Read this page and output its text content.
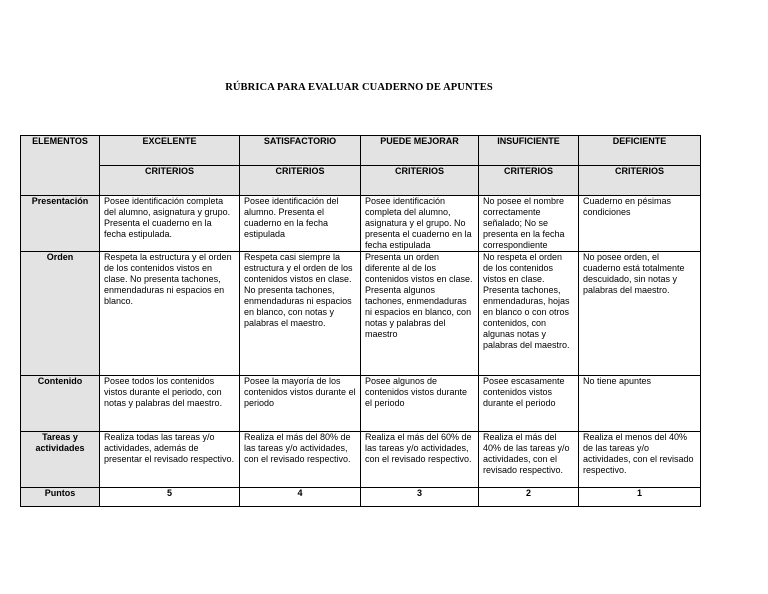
RÚBRICA PARA EVALUAR CUADERNO DE APUNTES
ELEMENTOS	EXCELENTE	SATISFACTORIO	PUEDE MEJORAR	INSUFICIENTE	DEFICIENTE
	CRITERIOS	CRITERIOS	CRITERIOS	CRITERIOS	CRITERIOS
Presentación	Posee identificación completa del alumno, asignatura y grupo. Presenta el cuaderno en la fecha estipulada.	Posee identificación del alumno. Presenta el cuaderno en la fecha estipulada	Posee identificación completa del alumno, asignatura y el grupo. No presenta el cuaderno en la fecha estipulada	No posee el nombre correctamente señalado; No se presenta en la fecha correspondiente	Cuaderno en pésimas condiciones
Orden	Respeta la estructura y el orden de los contenidos vistos en clase. No presenta tachones, enmendaduras ni espacios en blanco.	Respeta casi siempre la estructura y el orden de los contenidos vistos en clase. No presenta tachones, enmendaduras ni espacios en blanco, con notas y palabras el maestro.	Presenta un orden diferente al de los contenidos vistos en clase. Presenta algunos tachones, enmendaduras ni espacios en blanco, con notas y palabras del maestro	No respeta el orden de los contenidos vistos en clase. Presenta tachones, enmendaduras, hojas en blanco o con otros contenidos, con algunas notas y palabras del maestro.	No posee orden, el cuaderno está totalmente descuidado, sin notas y palabras del maestro.
Contenido	Posee todos los contenidos vistos durante el periodo, con notas y palabras del maestro.	Posee la mayoría de los contenidos vistos durante el periodo	Posee algunos de contenidos vistos durante el periodo	Posee escasamente contenidos vistos durante el periodo	No tiene apuntes
Tareas y actividades	Realiza todas las tareas y/o actividades, además de presentar el revisado respectivo.	Realiza el más del 80% de las tareas y/o actividades, con el revisado respectivo.	Realiza el más del 60% de las tareas y/o actividades, con el revisado respectivo.	Realiza el más del 40% de las tareas y/o actividades, con el revisado respectivo.	Realiza el menos del 40% de las tareas y/o actividades, con el revisado respectivo.
Puntos	5	4	3	2	1
